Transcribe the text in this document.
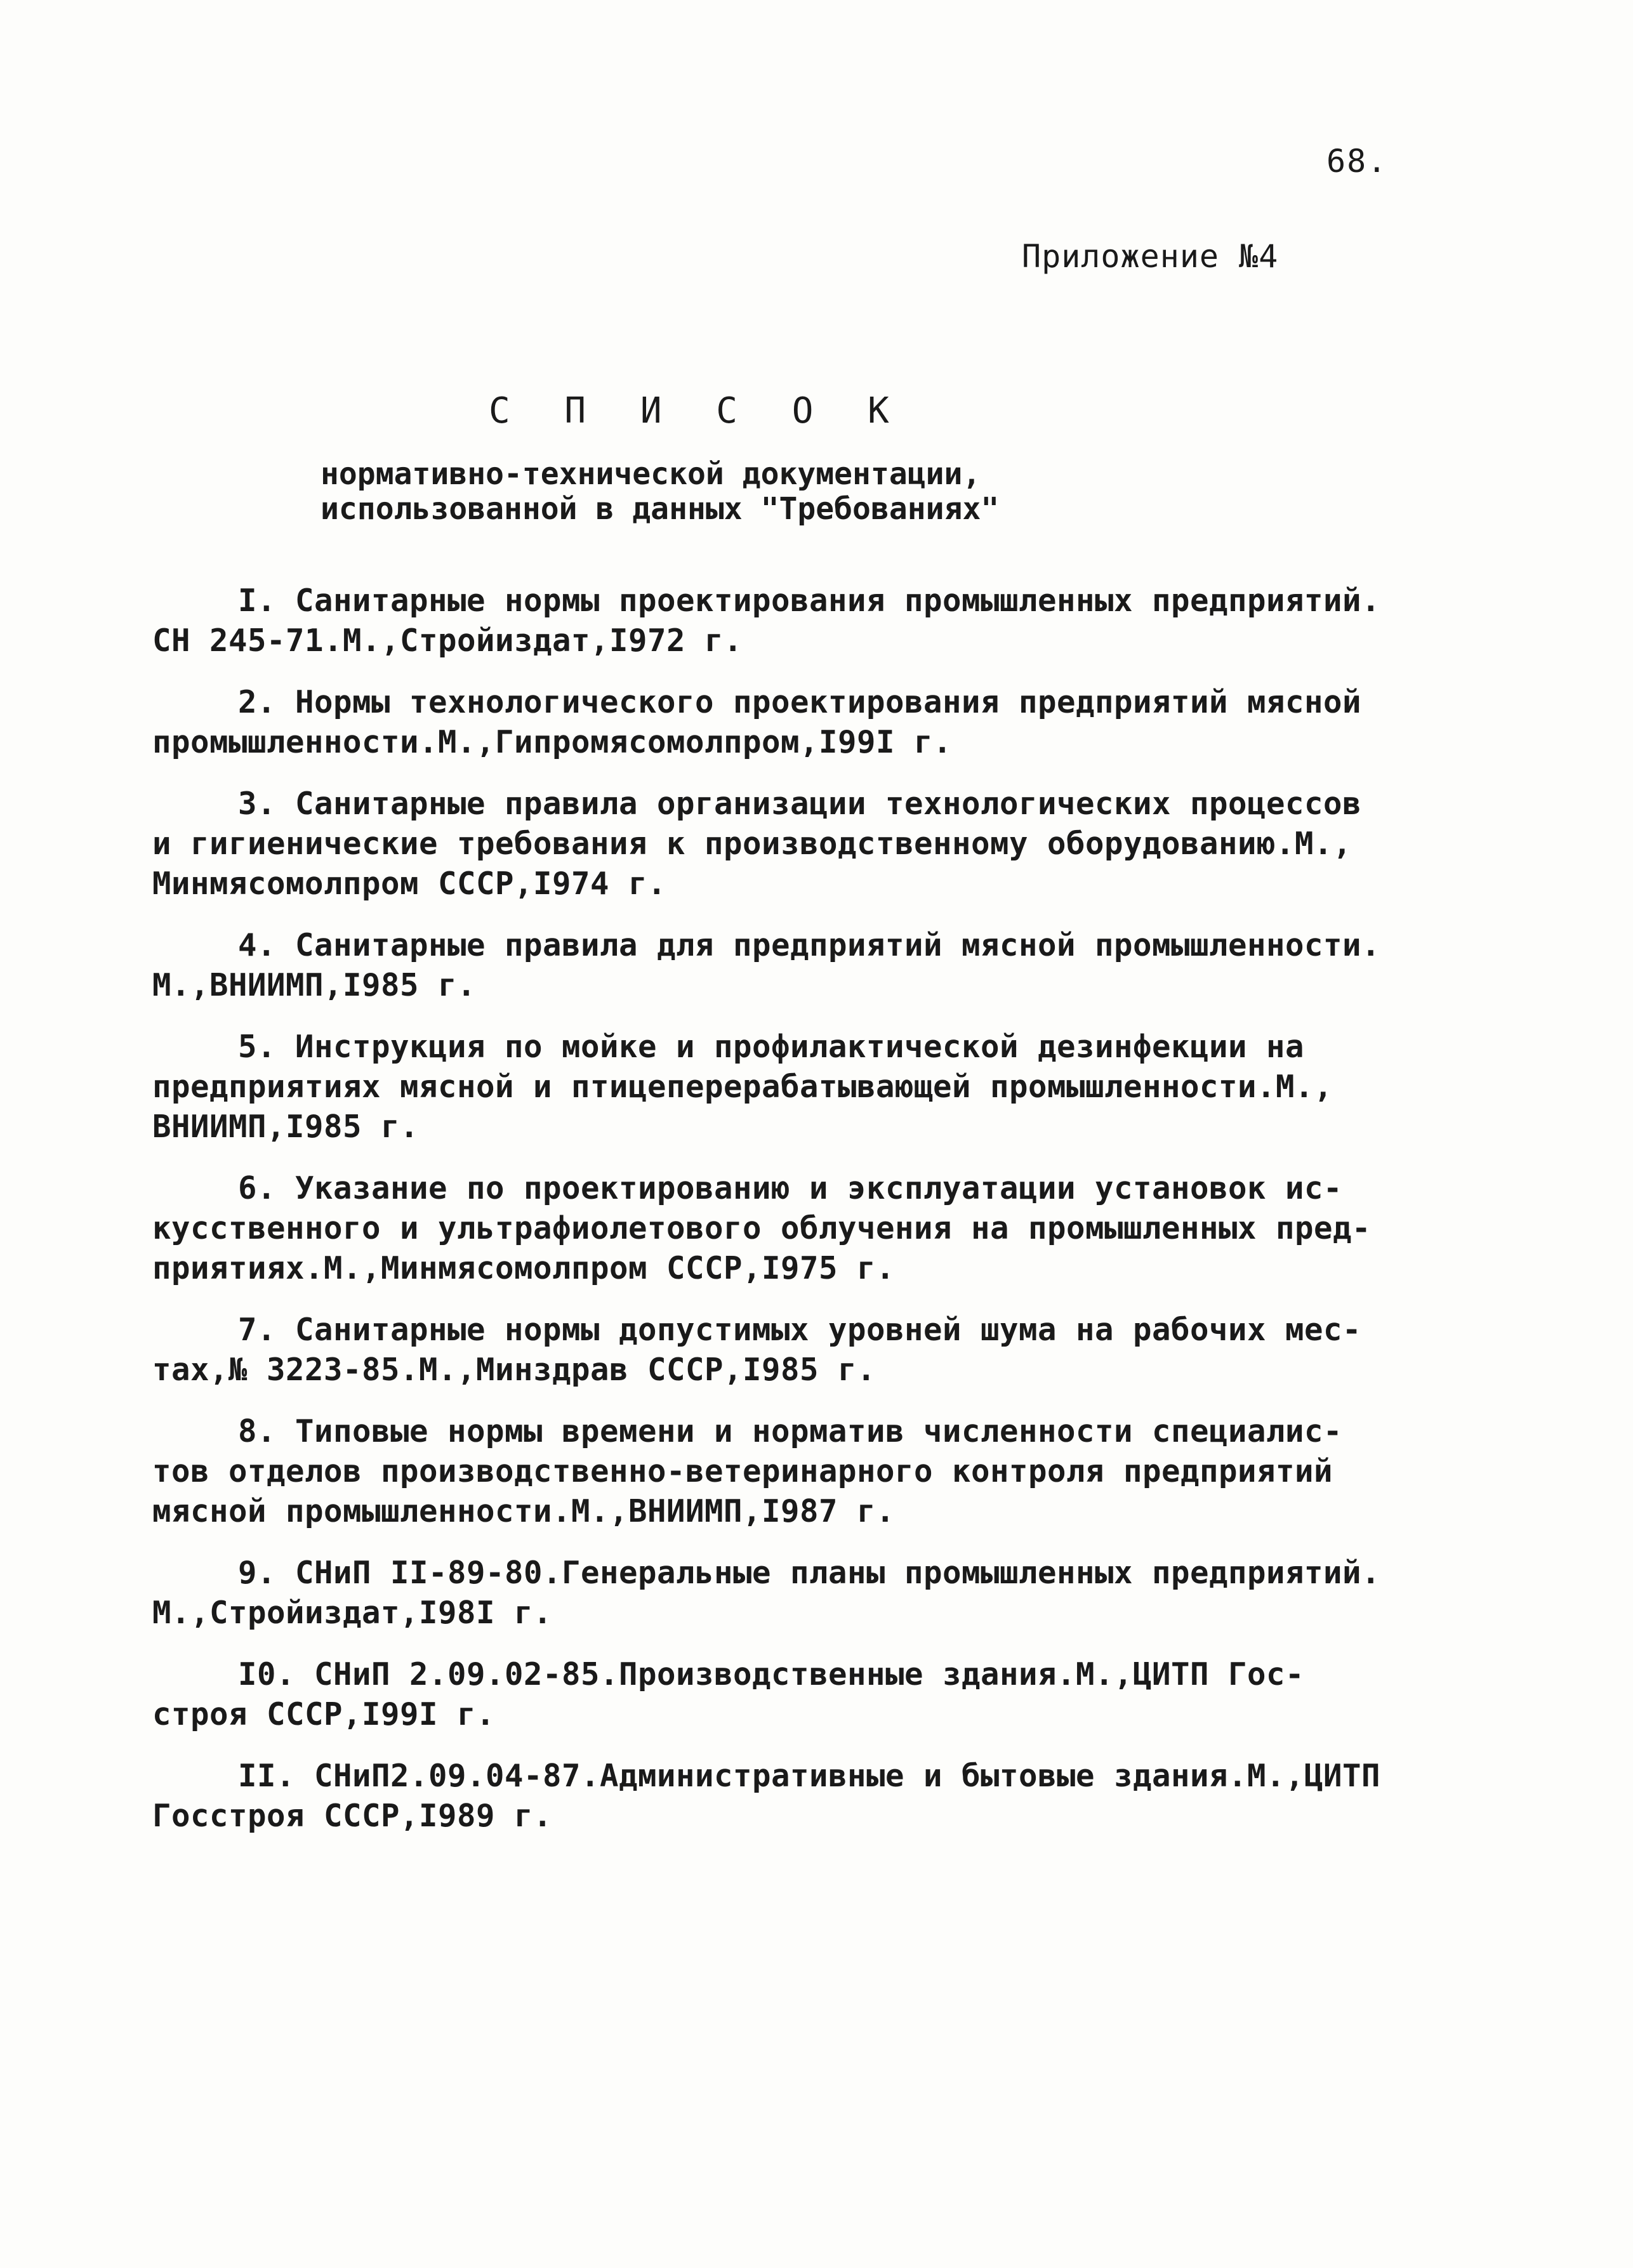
68.
Приложение №4
С П И С О К
нормативно-технической документации,
использованной в данных "Требованиях"
I. Санитарные нормы проектирования промышленных предприятий.
СН 245-71.М.,Стройиздат,I972 г.
2. Нормы технологического проектирования предприятий мясной
промышленности.М.,Гипромясомолпром,I99I г.
3. Санитарные правила организации технологических процессов
и гигиенические требования к производственному оборудованию.М.,
Минмясомолпром СССР,I974 г.
4. Санитарные правила для предприятий мясной промышленности.
М.,ВНИИМП,I985 г.
5. Инструкция по мойке и профилактической дезинфекции на
предприятиях мясной и птицеперерабатывающей промышленности.М.,
ВНИИМП,I985 г.
6. Указание по проектированию и эксплуатации установок ис-
кусственного и ультрафиолетового облучения на промышленных пред-
приятиях.М.,Минмясомолпром СССР,I975 г.
7. Санитарные нормы допустимых уровней шума на рабочих мес-
тах,№ 3223-85.М.,Минздрав СССР,I985 г.
8. Типовые нормы времени и норматив численности специалис-
тов отделов производственно-ветеринарного контроля предприятий
мясной промышленности.М.,ВНИИМП,I987 г.
9. СНиП II-89-80.Генеральные планы промышленных предприятий.
М.,Стройиздат,I98I г.
I0. СНиП 2.09.02-85.Производственные здания.М.,ЦИТП Гос-
строя СССР,I99I г.
II. СНиП2.09.04-87.Административные и бытовые здания.М.,ЦИТП
Госстроя СССР,I989 г.
